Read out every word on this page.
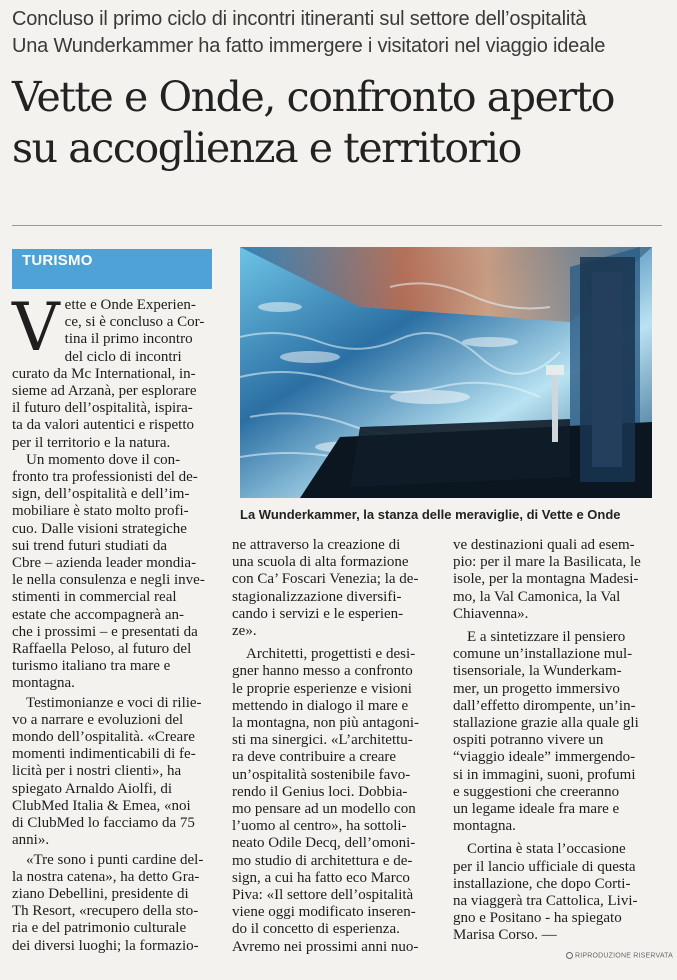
Concluso il primo ciclo di incontri itineranti sul settore dell’ospitalità
Una Wunderkammer ha fatto immergere i visitatori nel viaggio ideale
Vette e Onde, confronto aperto
su accoglienza e territorio
TURISMO
La Wunderkammer, la stanza delle meraviglie, di Vette e Onde
V ette e Onde Experien-
ce, si è concluso a Cor-
tina il primo incontro
del ciclo di incontri
curato da Mc International, in-
sieme ad Arzanà, per esplorare
il futuro dell’ospitalità, ispira-
ta da valori autentici e rispetto
per il territorio e la natura.
Un momento dove il con-
fronto tra professionisti del de-
sign, dell’ospitalità e dell’im-
mobiliare è stato molto profi-
cuo. Dalle visioni strategiche
sui trend futuri studiati da
Cbre – azienda leader mondia-
le nella consulenza e negli inve-
stimenti in commercial real
estate che accompagnerà an-
che i prossimi – e presentati da
Raffaella Peloso, al futuro del
turismo italiano tra mare e
montagna.
Testimonianze e voci di rilie-
vo a narrare e evoluzioni del
mondo dell’ospitalità. «Creare
momenti indimenticabili di fe-
licità per i nostri clienti», ha
spiegato Arnaldo Aiolfi, di
ClubMed Italia & Emea, «noi
di ClubMed lo facciamo da 75
anni».
«Tre sono i punti cardine del-
la nostra catena», ha detto Gra-
ziano Debellini, presidente di
Th Resort, «recupero della sto-
ria e del patrimonio culturale
dei diversi luoghi; la formazio-
ne attraverso la creazione di
una scuola di alta formazione
con Ca’ Foscari Venezia; la de-
stagionalizzazione diversifi-
cando i servizi e le esperien-
ze».
Architetti, progettisti e desi-
gner hanno messo a confronto
le proprie esperienze e visioni
mettendo in dialogo il mare e
la montagna, non più antagoni-
sti ma sinergici. «L’architettu-
ra deve contribuire a creare
un’ospitalità sostenibile favo-
rendo il Genius loci. Dobbia-
mo pensare ad un modello con
l’uomo al centro», ha sottoli-
neato Odile Decq, dell’omoni-
mo studio di architettura e de-
sign, a cui ha fatto eco Marco
Piva: «Il settore dell’ospitalità
viene oggi modificato inseren-
do il concetto di esperienza.
Avremo nei prossimi anni nuo-
ve destinazioni quali ad esem-
pio: per il mare la Basilicata, le
isole, per la montagna Madesi-
mo, la Val Camonica, la Val
Chiavenna».
E a sintetizzare il pensiero
comune un’installazione mul-
tisensoriale, la Wunderkam-
mer, un progetto immersivo
dall’effetto dirompente, un’in-
stallazione grazie alla quale gli
ospiti potranno vivere un
“viaggio ideale” immergendo-
si in immagini, suoni, profumi
e suggestioni che creeranno
un legame ideale fra mare e
montagna.
Cortina è stata l’occasione
per il lancio ufficiale di questa
installazione, che dopo Corti-
na viaggerà tra Cattolica, Livi-
gno e Positano - ha spiegato
Marisa Corso. —
RIPRODUZIONE RISERVATA
